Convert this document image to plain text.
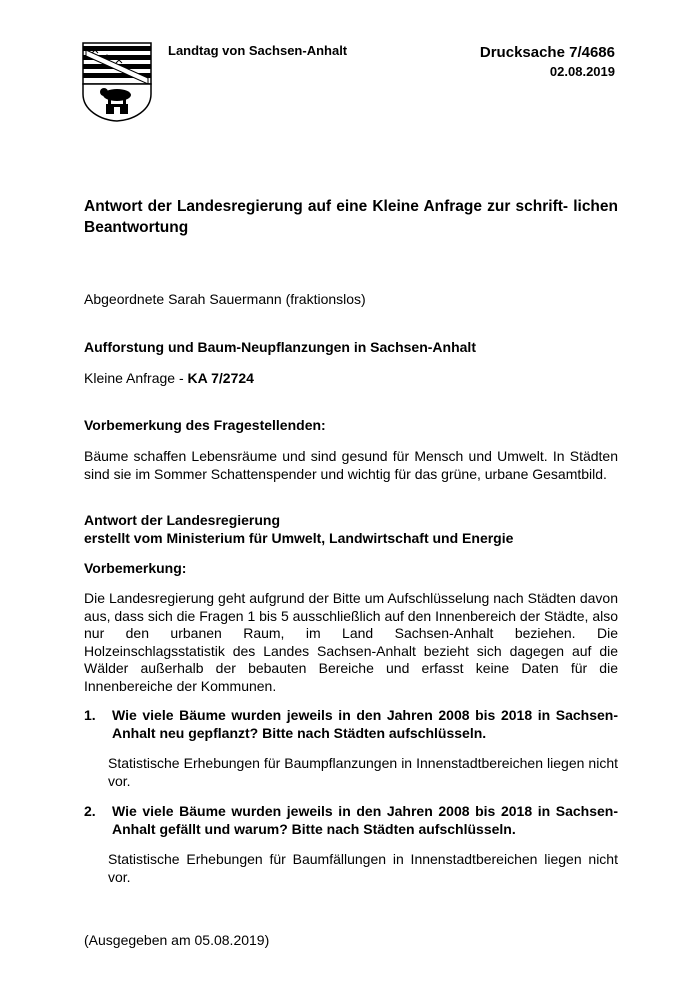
Landtag von Sachsen-Anhalt	Drucksache 7/4686
02.08.2019
Antwort der Landesregierung auf eine Kleine Anfrage zur schrift- lichen Beantwortung
Abgeordnete Sarah Sauermann (fraktionslos)
Aufforstung und Baum-Neupflanzungen in Sachsen-Anhalt
Kleine Anfrage - KA 7/2724
Vorbemerkung des Fragestellenden:
Bäume schaffen Lebensräume und sind gesund für Mensch und Umwelt. In Städten sind sie im Sommer Schattenspender und wichtig für das grüne, urbane Gesamtbild.
Antwort der Landesregierung
erstellt vom Ministerium für Umwelt, Landwirtschaft und Energie
Vorbemerkung:
Die Landesregierung geht aufgrund der Bitte um Aufschlüsselung nach Städten davon aus, dass sich die Fragen 1 bis 5 ausschließlich auf den Innenbereich der Städte, also nur den urbanen Raum, im Land Sachsen-Anhalt beziehen. Die Holzeinschlagsstatistik des Landes Sachsen-Anhalt bezieht sich dagegen auf die Wälder außerhalb der bebauten Bereiche und erfasst keine Daten für die Innenbereiche der Kommunen.
1.	Wie viele Bäume wurden jeweils in den Jahren 2008 bis 2018 in Sachsen-Anhalt neu gepflanzt? Bitte nach Städten aufschlüsseln.
Statistische Erhebungen für Baumpflanzungen in Innenstadtbereichen liegen nicht vor.
2.	Wie viele Bäume wurden jeweils in den Jahren 2008 bis 2018 in Sachsen-Anhalt gefällt und warum? Bitte nach Städten aufschlüsseln.
Statistische Erhebungen für Baumfällungen in Innenstadtbereichen liegen nicht vor.
(Ausgegeben am 05.08.2019)
